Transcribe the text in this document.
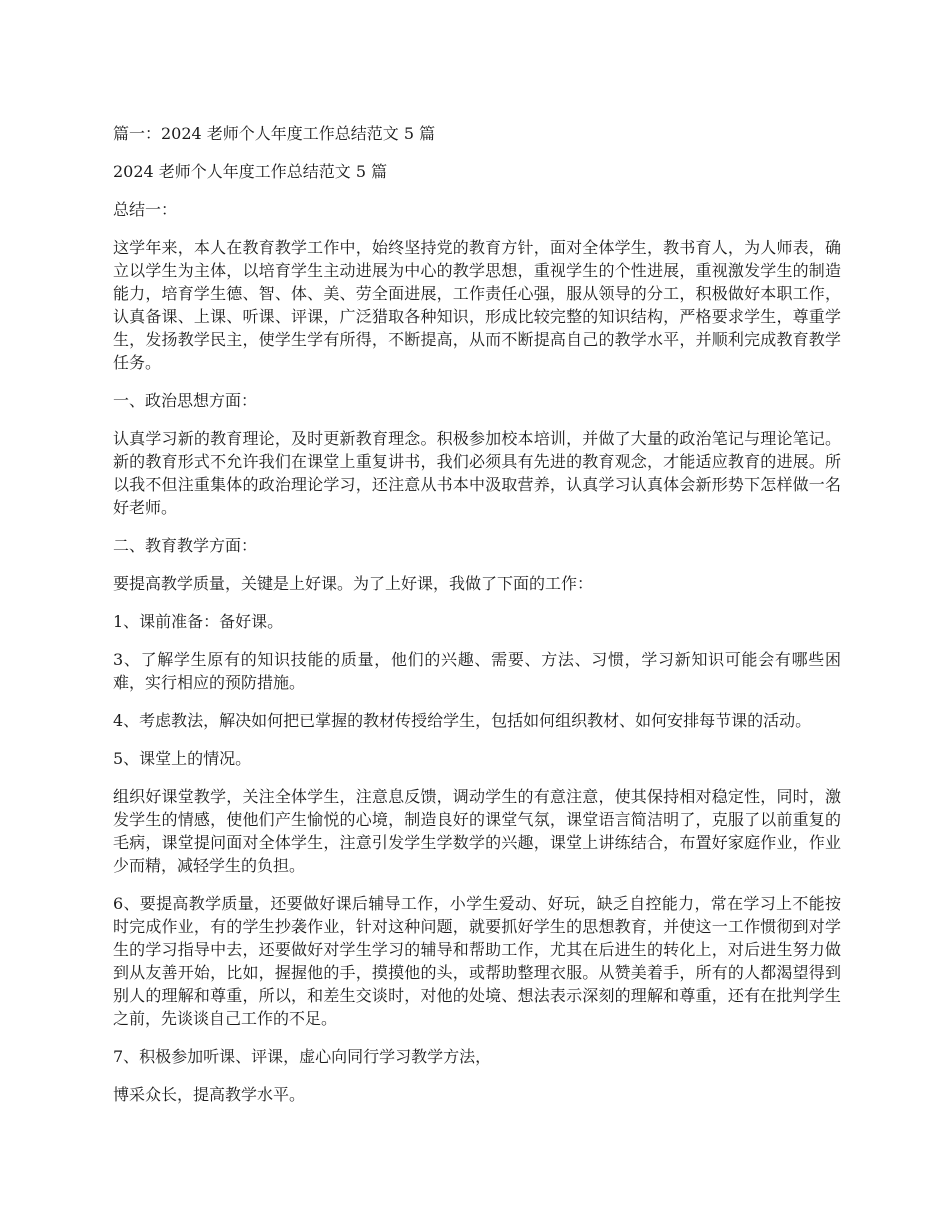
篇一：2024 老师个人年度工作总结范文 5 篇

2024 老师个人年度工作总结范文 5 篇

总结一：

这学年来，本人在教育教学工作中，始终坚持党的教育方针，面对全体学生，教书育人，为人师表，确立以学生为主体，以培育学生主动进展为中心的教学思想，重视学生的个性进展，重视激发学生的制造能力，培育学生德、智、体、美、劳全面进展，工作责任心强，服从领导的分工，积极做好本职工作，认真备课、上课、听课、评课，广泛猎取各种知识，形成比较完整的知识结构，严格要求学生，尊重学生，发扬教学民主，使学生学有所得，不断提高，从而不断提高自己的教学水平，并顺利完成教育教学任务。

一、政治思想方面：

认真学习新的教育理论，及时更新教育理念。积极参加校本培训，并做了大量的政治笔记与理论笔记。新的教育形式不允许我们在课堂上重复讲书，我们必须具有先进的教育观念，才能适应教育的进展。所以我不但注重集体的政治理论学习，还注意从书本中汲取营养，认真学习认真体会新形势下怎样做一名好老师。

二、教育教学方面：

要提高教学质量，关键是上好课。为了上好课，我做了下面的工作：

1、课前准备：备好课。

3、了解学生原有的知识技能的质量，他们的兴趣、需要、方法、习惯，学习新知识可能会有哪些困难，实行相应的预防措施。

4、考虑教法，解决如何把已掌握的教材传授给学生，包括如何组织教材、如何安排每节课的活动。

5、课堂上的情况。

组织好课堂教学，关注全体学生，注意息反馈，调动学生的有意注意，使其保持相对稳定性，同时，激发学生的情感，使他们产生愉悦的心境，制造良好的课堂气氛，课堂语言简洁明了，克服了以前重复的毛病，课堂提问面对全体学生，注意引发学生学数学的兴趣，课堂上讲练结合，布置好家庭作业，作业少而精，减轻学生的负担。

6、要提高教学质量，还要做好课后辅导工作，小学生爱动、好玩，缺乏自控能力，常在学习上不能按时完成作业，有的学生抄袭作业，针对这种问题，就要抓好学生的思想教育，并使这一工作惯彻到对学生的学习指导中去，还要做好对学生学习的辅导和帮助工作，尤其在后进生的转化上，对后进生努力做到从友善开始，比如，握握他的手，摸摸他的头，或帮助整理衣服。从赞美着手，所有的人都渴望得到别人的理解和尊重，所以，和差生交谈时，对他的处境、想法表示深刻的理解和尊重，还有在批判学生之前，先谈谈自己工作的不足。

7、积极参加听课、评课，虚心向同行学习教学方法，

博采众长，提高教学水平。
